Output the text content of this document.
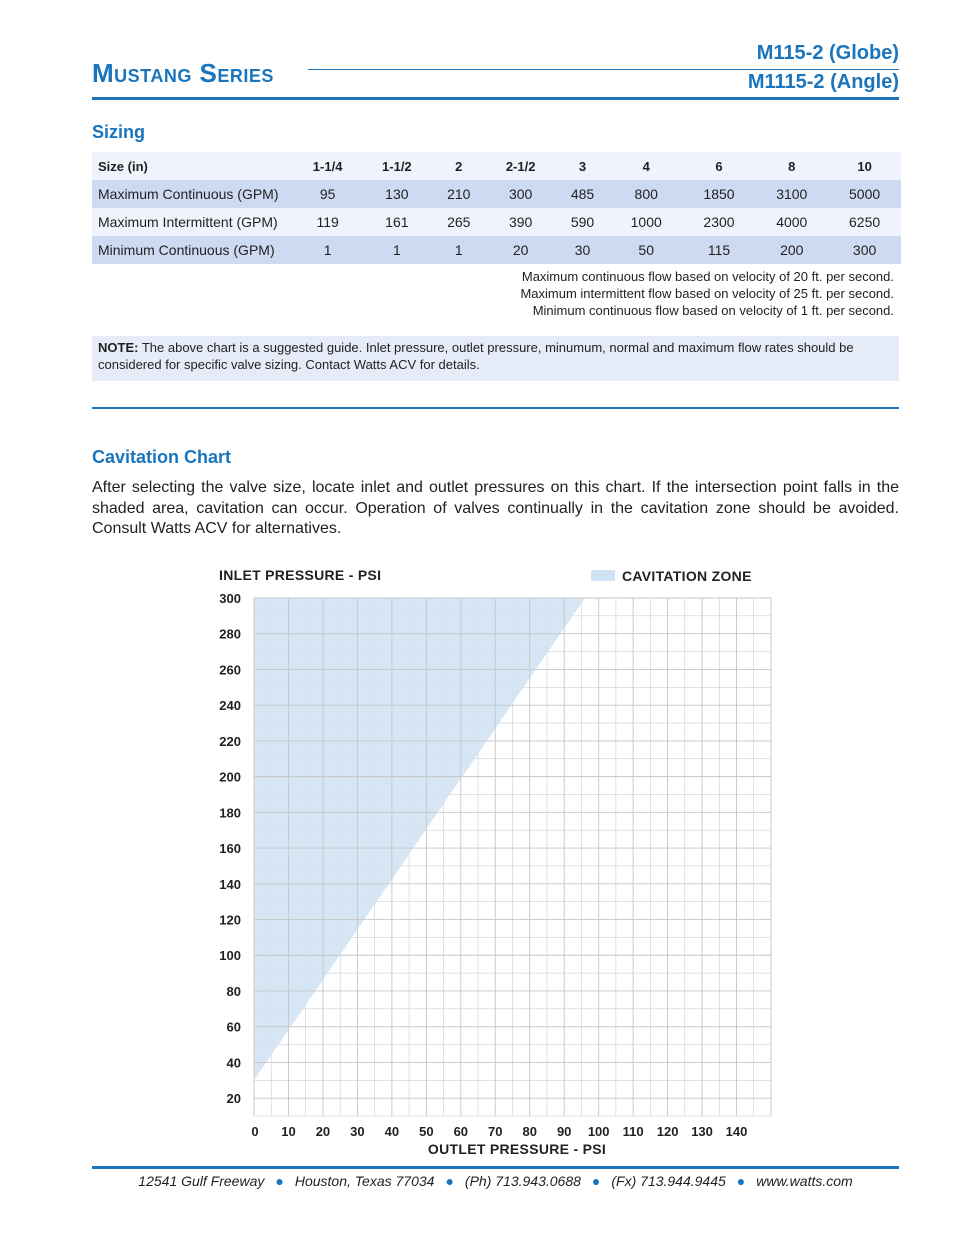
Mustang Series
M115-2 (Globe)
M1115-2 (Angle)
Sizing
Size (in)	1-1/4	1-1/2	2	2-1/2	3	4	6	8	10
Maximum Continuous (GPM)	95	130	210	300	485	800	1850	3100	5000
Maximum Intermittent (GPM)	119	161	265	390	590	1000	2300	4000	6250
Minimum Continuous (GPM)	1	1	1	20	30	50	115	200	300
Maximum continuous flow based on velocity of 20 ft. per second.
Maximum intermittent flow based on velocity of 25 ft. per second.
Minimum continuous flow based on velocity of 1 ft. per second.
NOTE: The above chart is a suggested guide. Inlet pressure, outlet pressure, minumum, normal and maximum flow rates should be considered for specific valve sizing. Contact Watts ACV for details.
Cavitation Chart
After selecting the valve size, locate inlet and outlet pressures on this chart. If the intersection point falls in the shaded area, cavitation can occur. Operation of valves continually in the cavitation zone should be avoided. Consult Watts ACV for alternatives.
0 10 20 30 40 50 60 70 80 90 100 110 120 130 140
20
40
60
80
100
120
140
160
180
200
220
240
260
280
300
INLET PRESSURE - PSI
OUTLET PRESSURE - PSI
CAVITATION ZONE
12541 Gulf Freeway ● Houston, Texas 77034 ● (Ph) 713.943.0688 ● (Fx) 713.944.9445 ● www.watts.com
